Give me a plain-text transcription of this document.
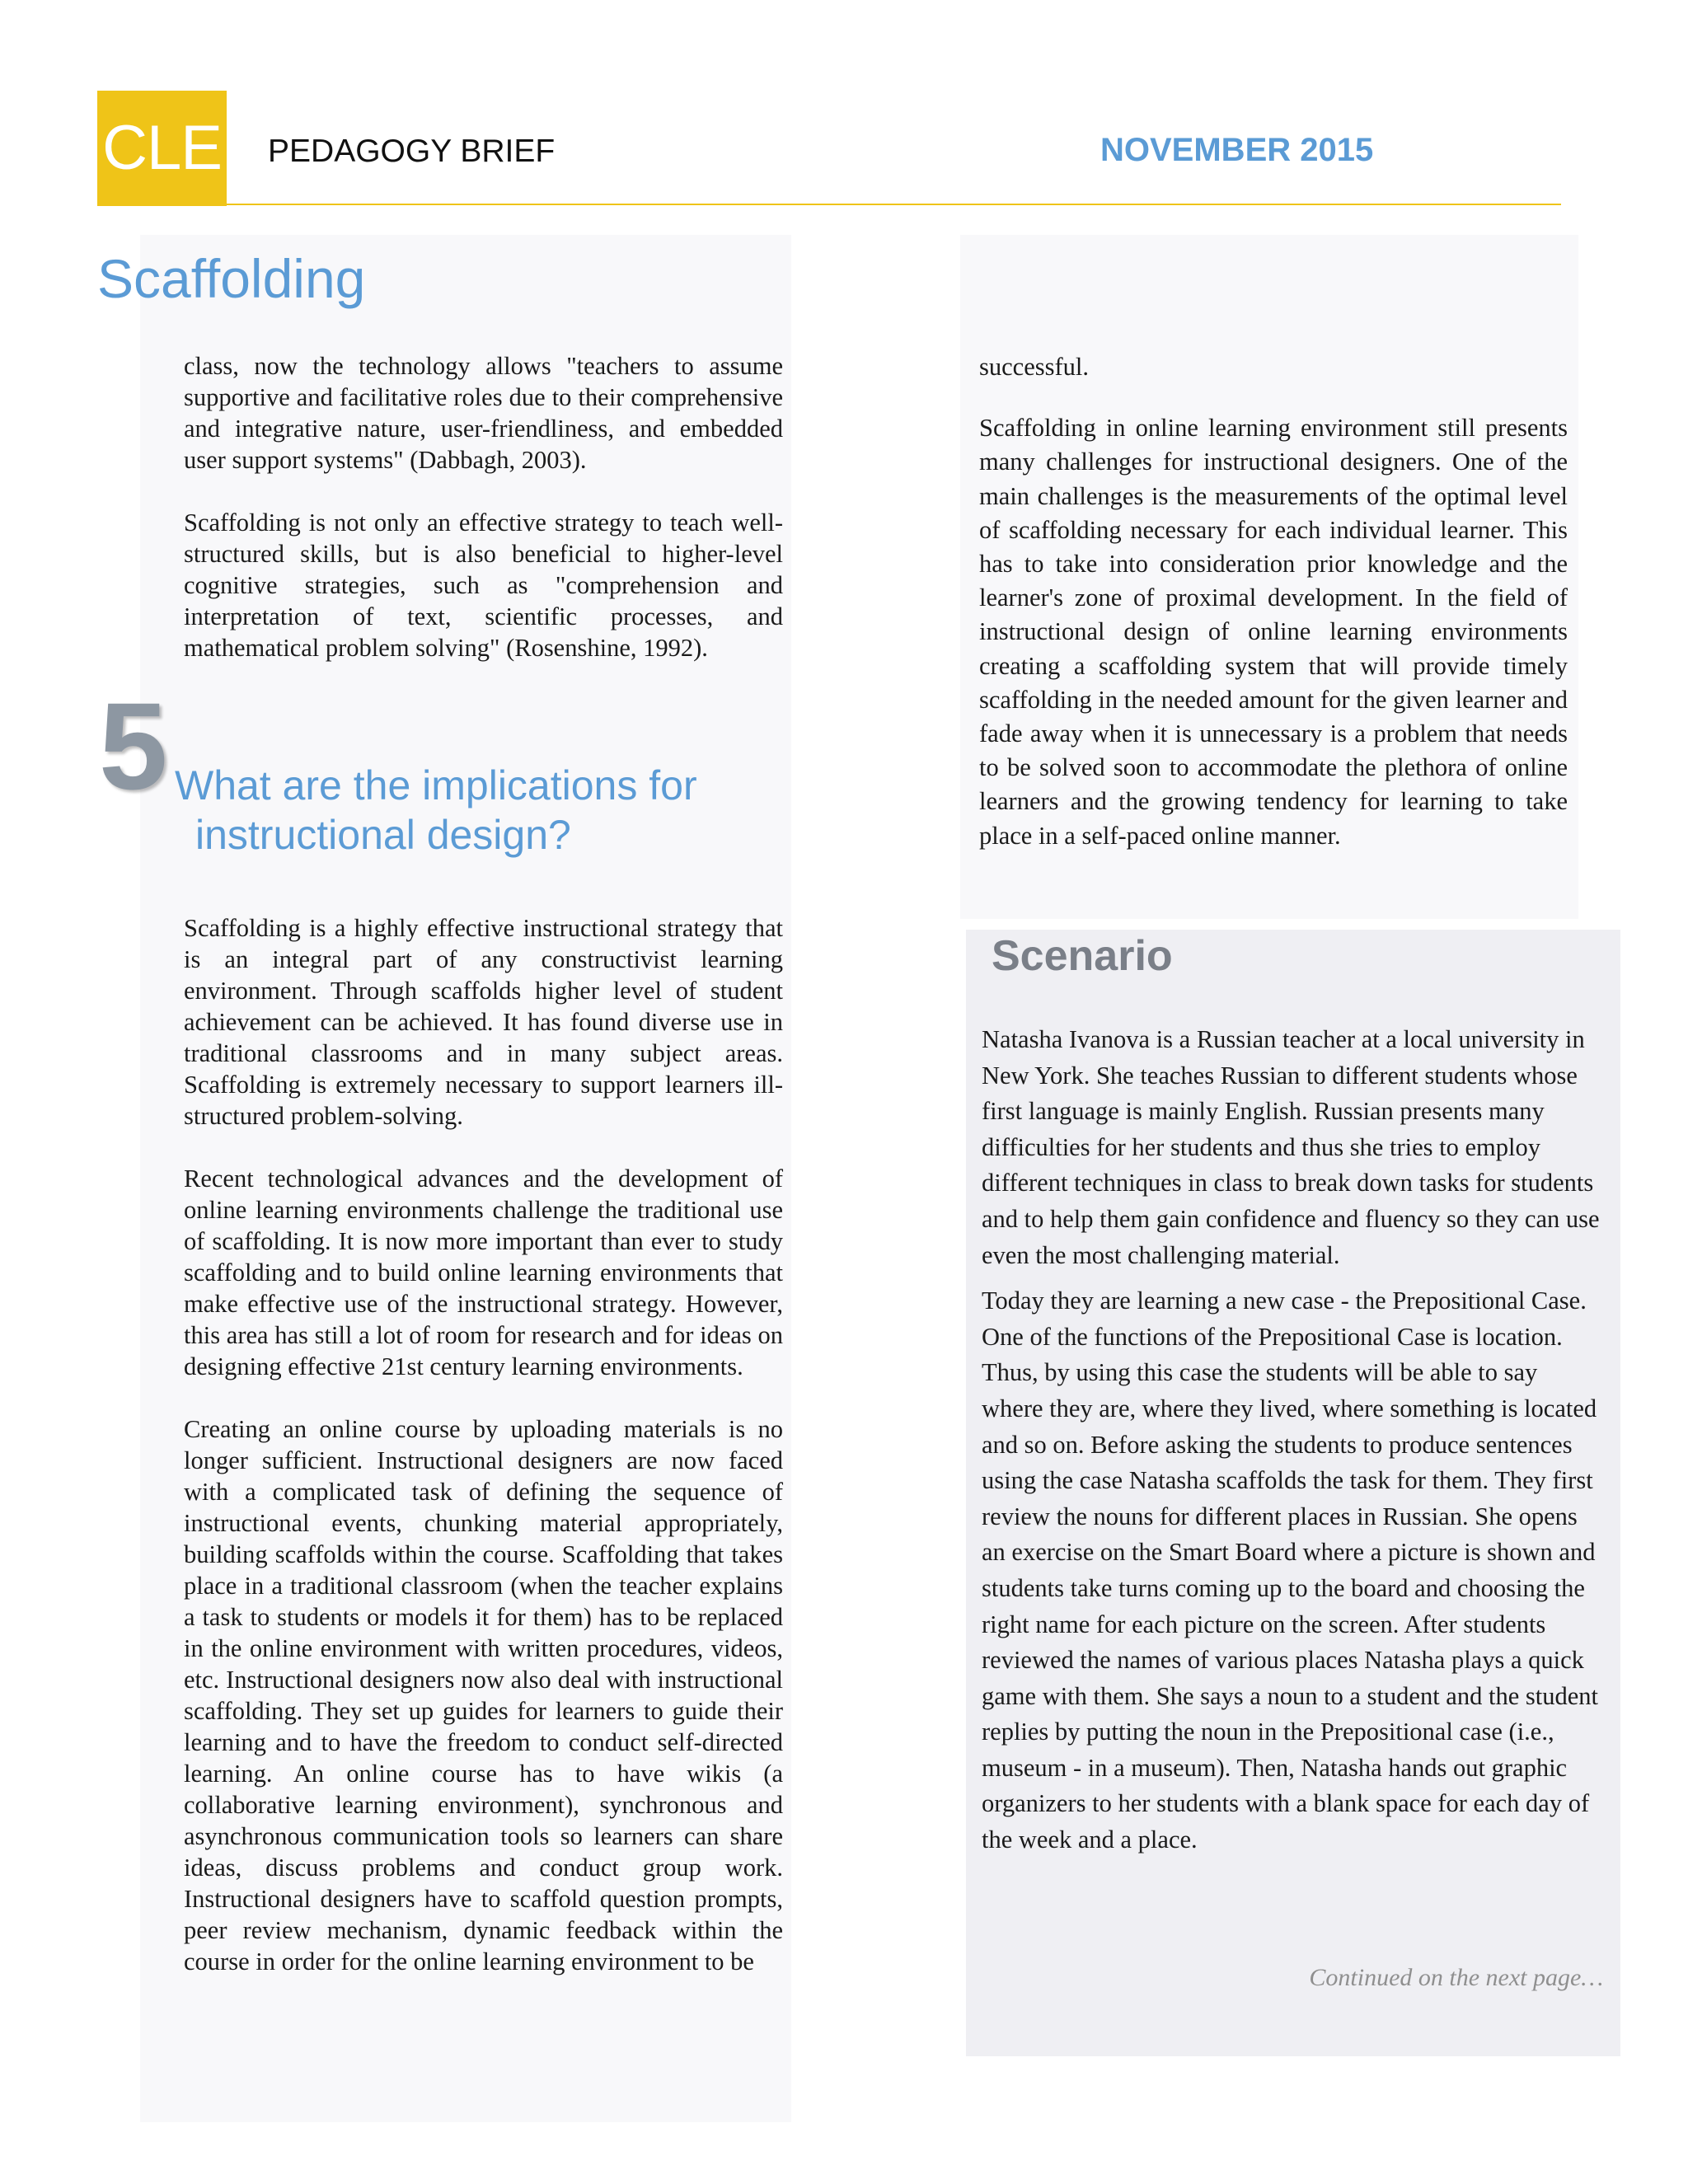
CLE PEDAGOGY BRIEF	NOVEMBER 2015
Scaffolding

class, now the technology allows "teachers to assume supportive and facilitative roles due to their comprehensive and integrative nature, user-friendliness, and embedded user support systems" (Dabbagh, 2003).

Scaffolding is not only an effective strategy to teach well- structured skills, but is also beneficial to higher-level cognitive strategies, such as "comprehension and interpretation of text, scientific processes, and mathematical problem solving" (Rosenshine, 1992).

5 What are the implications for
instructional design?

Scaffolding is a highly effective instructional strategy that is an integral part of any constructivist learning environment. Through scaffolds higher level of student achievement can be achieved. It has found diverse use in traditional classrooms and in many subject areas. Scaffolding is extremely necessary to support learners ill-structured problem-solving.

Recent technological advances and the development of online learning environments challenge the traditional use of scaffolding. It is now more important than ever to study scaffolding and to build online learning environments that make effective use of the instructional strategy. However, this area has still a lot of room for research and for ideas on designing effective 21st century learning environments.

Creating an online course by uploading materials is no longer sufficient. Instructional designers are now faced with a complicated task of defining the sequence of instructional events, chunking material appropriately, building scaffolds within the course. Scaffolding that takes place in a traditional classroom (when the teacher explains a task to students or models it for them) has to be replaced in the online environment with written procedures, videos, etc. Instructional designers now also deal with instructional scaffolding. They set up guides for learners to guide their learning and to have the freedom to conduct self-directed learning. An online course has to have wikis (a collaborative learning environment), synchronous and asynchronous communication tools so learners can share ideas, discuss problems and conduct group work. Instructional designers have to scaffold question prompts, peer review mechanism, dynamic feedback within the course in order for the online learning environment to be

successful.

Scaffolding in online learning environment still presents many challenges for instructional designers. One of the main challenges is the measurements of the optimal level of scaffolding necessary for each individual learner. This has to take into consideration prior knowledge and the learner's zone of proximal development. In the field of instructional design of online learning environments creating a scaffolding system that will provide timely scaffolding in the needed amount for the given learner and fade away when it is unnecessary is a problem that needs to be solved soon to accommodate the plethora of online learners and the growing tendency for learning to take place in a self-paced online manner.

Scenario

Natasha Ivanova is a Russian teacher at a local university in New York. She teaches Russian to different students whose first language is mainly English. Russian presents many difficulties for her students and thus she tries to employ different techniques in class to break down tasks for students and to help them gain confidence and fluency so they can use even the most challenging material.

Today they are learning a new case - the Prepositional Case. One of the functions of the Prepositional Case is location. Thus, by using this case the students will be able to say where they are, where they lived, where something is located and so on. Before asking the students to produce sentences using the case Natasha scaffolds the task for them. They first review the nouns for different places in Russian. She opens an exercise on the Smart Board where a picture is shown and students take turns coming up to the board and choosing the right name for each picture on the screen. After students reviewed the names of various places Natasha plays a quick game with them. She says a noun to a student and the student replies by putting the noun in the Prepositional case (i.e., museum - in a museum). Then, Natasha hands out graphic organizers to her students with a blank space for each day of the week and a place.

Continued on the next page…
